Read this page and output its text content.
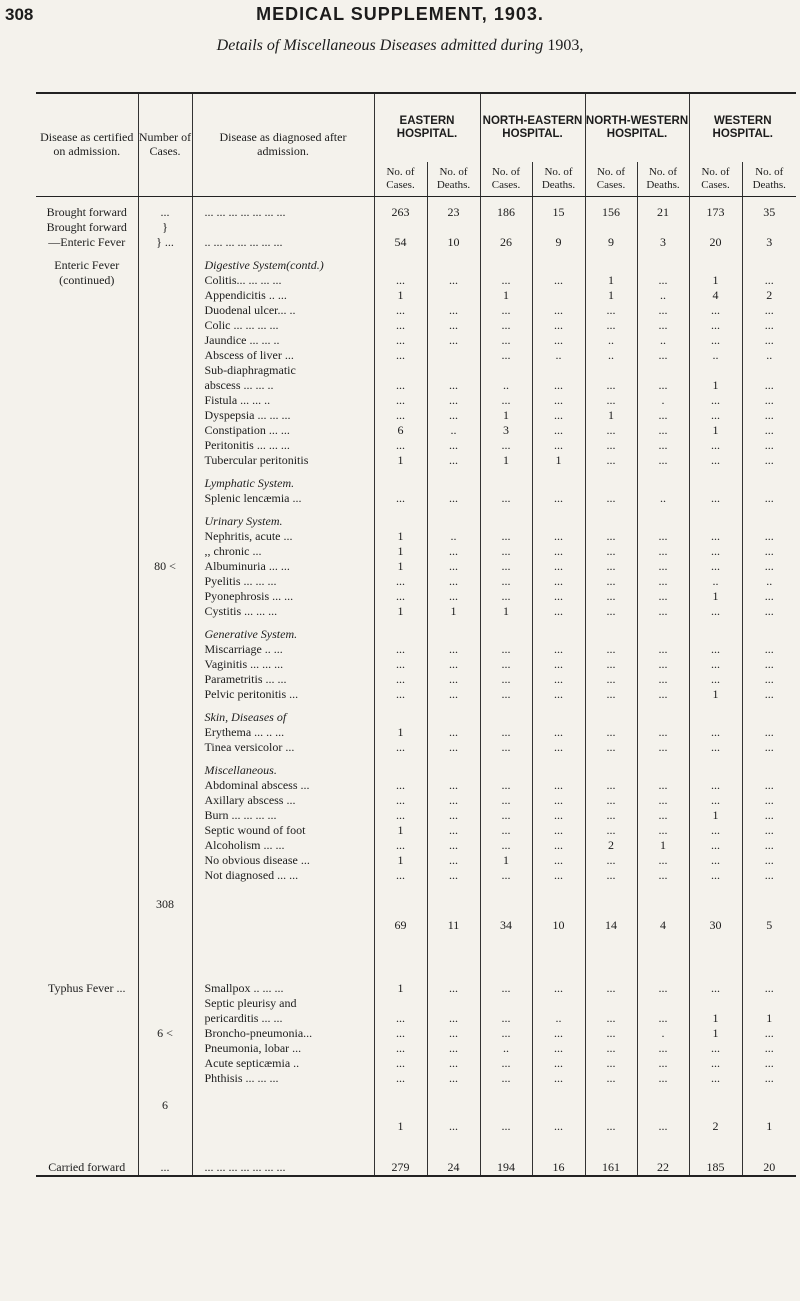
308	MEDICAL SUPPLEMENT, 1903.
Details of Miscellaneous Diseases admitted during 1903,
Disease as certified on admission.	Number of Cases.	Disease as diagnosed after admission.	EASTERN HOSPITAL.		NORTH-EASTERN HOSPITAL.		NORTH-WESTERN HOSPITAL.		WESTERN HOSPITAL.	
			No. of Cases.	No. of Deaths.	No. of Cases.	No. of Deaths.	No. of Cases.	No. of Deaths.	No. of Cases.	No. of Deaths.

Brought forward	...	... ... ... ... ... ... ...	263	23	186	15	156	21	173	35
Brought forward	}									
—Enteric Fever	} ...	.. ... ... ... ... ... ...	54	10	26	9	9	3	20	3

Enteric Fever		Digestive System(contd.)								
(continued)		Colitis... ... ... ...	...	...	...	...	1	...	1	...
		Appendicitis .. ...	1		1		1	..	4	2
		Duodenal ulcer... ..	...	...	...	...	...	...	...	...
		Colic ... ... ... ...	...	...	...	...	...	...	...	...
		Jaundice ... ... ..	...	...	...	...	..	..	...	...
		Abscess of liver ...	...		...	..	..	...	..	..
		Sub-diaphragmatic								
		abscess ... ... ..	...	...	..	...	...	...	1	...
		Fistula ... ... ..	...	...	...	...	...	.	...	...
		Dyspepsia ... ... ...	...	...	1	...	1	...	...	...
		Constipation ... ...	6	..	3	...	...	...	1	...
		Peritonitis ... ... ...	...	...	...	...	...	...	...	...
		Tubercular peritonitis	1	...	1	1	...	...	...	...

		Lymphatic System.								
		Splenic lencæmia ...	...	...	...	...	...	..	...	...

		Urinary System.								
		Nephritis, acute ...	1	..	...	...	...	...	...	...
		,, chronic ...	1	...	...	...	...	...	...	...
	80 <	Albuminuria ... ...	1	...	...	...	...	...	...	...
		Pyelitis ... ... ...	...	...	...	...	...	...	..	..
		Pyonephrosis ... ...	...	...	...	...	...	...	1	...
		Cystitis ... ... ...	1	1	1	...	...	...	...	...

		Generative System.								
		Miscarriage .. ...	...	...	...	...	...	...	...	...
		Vaginitis ... ... ...	...	...	...	...	...	...	...	...
		Parametritis ... ...	...	...	...	...	...	...	...	...
		Pelvic peritonitis ...	...	...	...	...	...	...	1	...

		Skin, Diseases of								
		Erythema ... .. ...	1	...	...	...	...	...	...	...
		Tinea versicolor ...	...	...	...	...	...	...	...	...

		Miscellaneous.								
		Abdominal abscess ...	...	...	...	...	...	...	...	...
		Axillary abscess ...	...	...	...	...	...	...	...	...
		Burn ... ... ... ...	...	...	...	...	...	...	1	...
		Septic wound of foot	1	...	...	...	...	...	...	...
		Alcoholism ... ...	...	...	...	...	2	1	...	...
		No obvious disease ...	1	...	1	...	...	...	...	...
		Not diagnosed ... ...	...	...	...	...	...	...	...	...

	308									

			69	11	34	10	14	4	30	5

Typhus Fever ...		Smallpox .. ... ...	1	...	...	...	...	...	...	...
		Septic pleurisy and								
		pericarditis ... ...	...	...	...	..	...	...	1	1
	6 <	Broncho-pneumonia...	...	...	...	...	...	.	1	...
		Pneumonia, lobar ...	...	...	..	...	...	...	...	...
		Acute septicæmia ..	...	...	...	...	...	...	...	...
		Phthisis ... ... ...	...	...	...	...	...	...	...	...

	6									

			1	...	...	...	...	...	2	1

Carried forward	...	... ... ... ... ... ... ...	279	24	194	16	161	22	185	20
